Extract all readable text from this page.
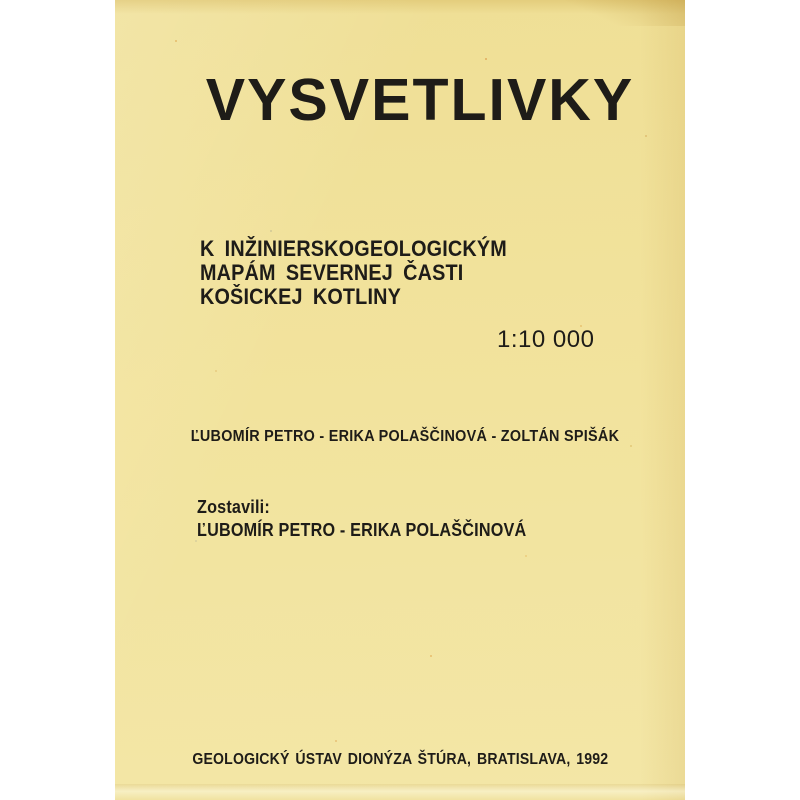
VYSVETLIVKY
K INŽINIERSKOGEOLOGICKÝM
MAPÁM SEVERNEJ ČASTI
KOŠICKEJ KOTLINY
1:10 000
ĽUBOMÍR PETRO - ERIKA POLAŠČINOVÁ - ZOLTÁN SPIŠÁK
Zostavili:
ĽUBOMÍR PETRO - ERIKA POLAŠČINOVÁ
GEOLOGICKÝ ÚSTAV DIONÝZA ŠTÚRA, BRATISLAVA, 1992
